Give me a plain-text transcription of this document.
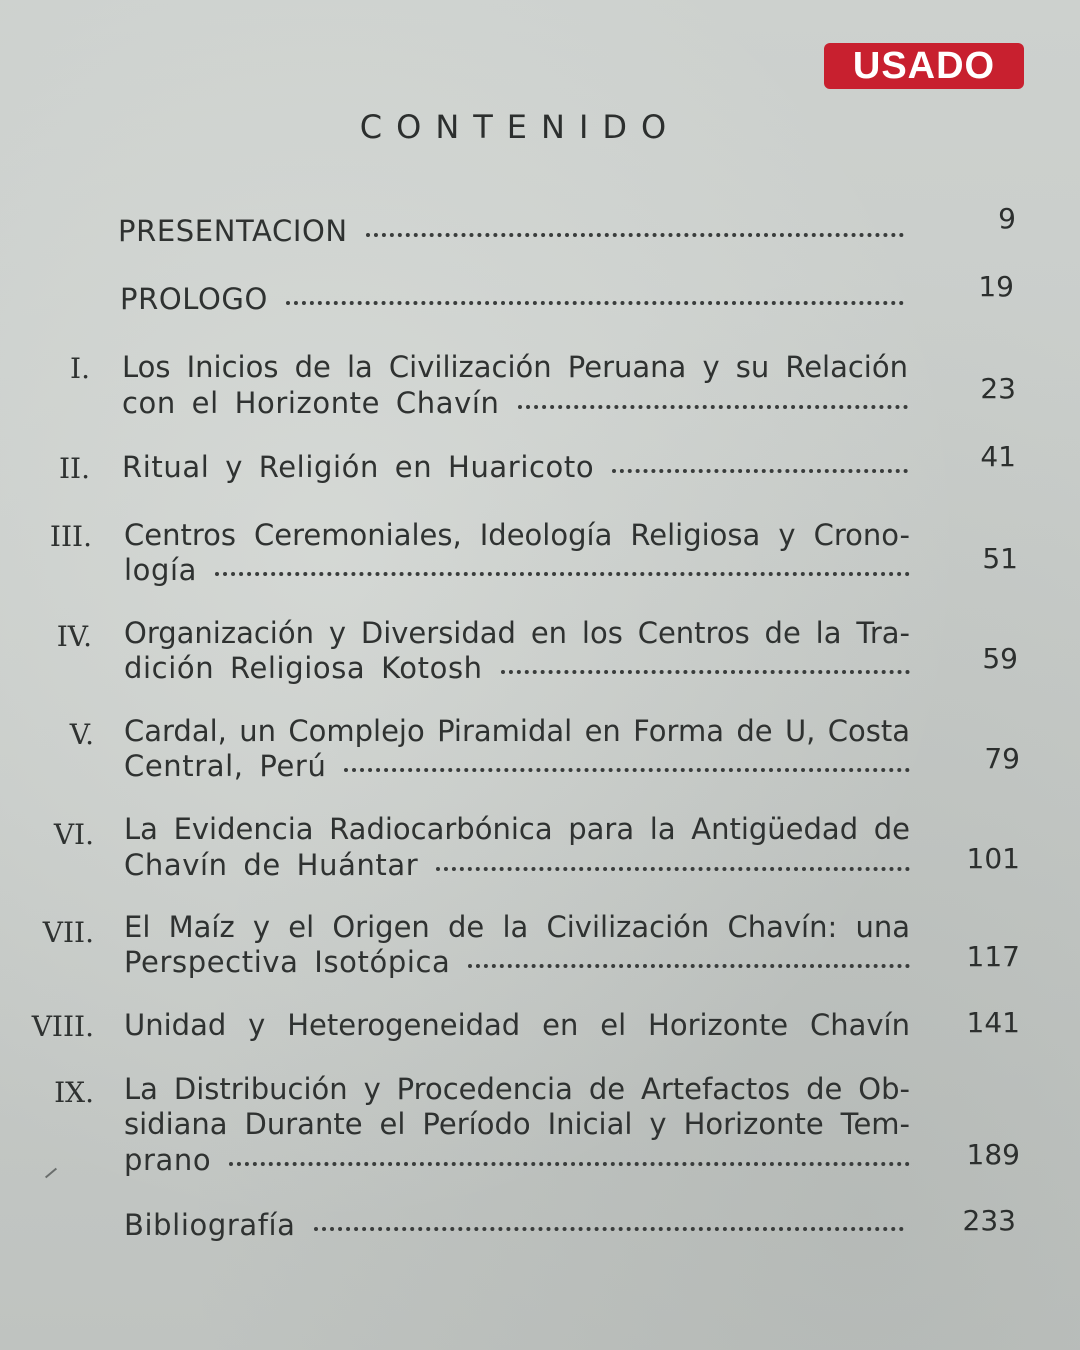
USADO
CONTENIDO
PRESENTACION	9
PROLOGO	19
I. Los Inicios de la Civilización Peruana y su Relación
con el Horizonte Chavín	23
II. Ritual y Religión en Huaricoto	41
III. Centros Ceremoniales, Ideología Religiosa y Crono-
logía	51
IV. Organización y Diversidad en los Centros de la Tra-
dición Religiosa Kotosh	59
V. Cardal, un Complejo Piramidal en Forma de U, Costa
Central, Perú	79
VI. La Evidencia Radiocarbónica para la Antigüedad de
Chavín de Huántar	101
VII. El Maíz y el Origen de la Civilización Chavín: una
Perspectiva Isotópica	117
VIII. Unidad y Heterogeneidad en el Horizonte Chavín	141
IX. La Distribución y Procedencia de Artefactos de Ob-
sidiana Durante el Período Inicial y Horizonte Tem-
prano	189
Bibliografía	233
